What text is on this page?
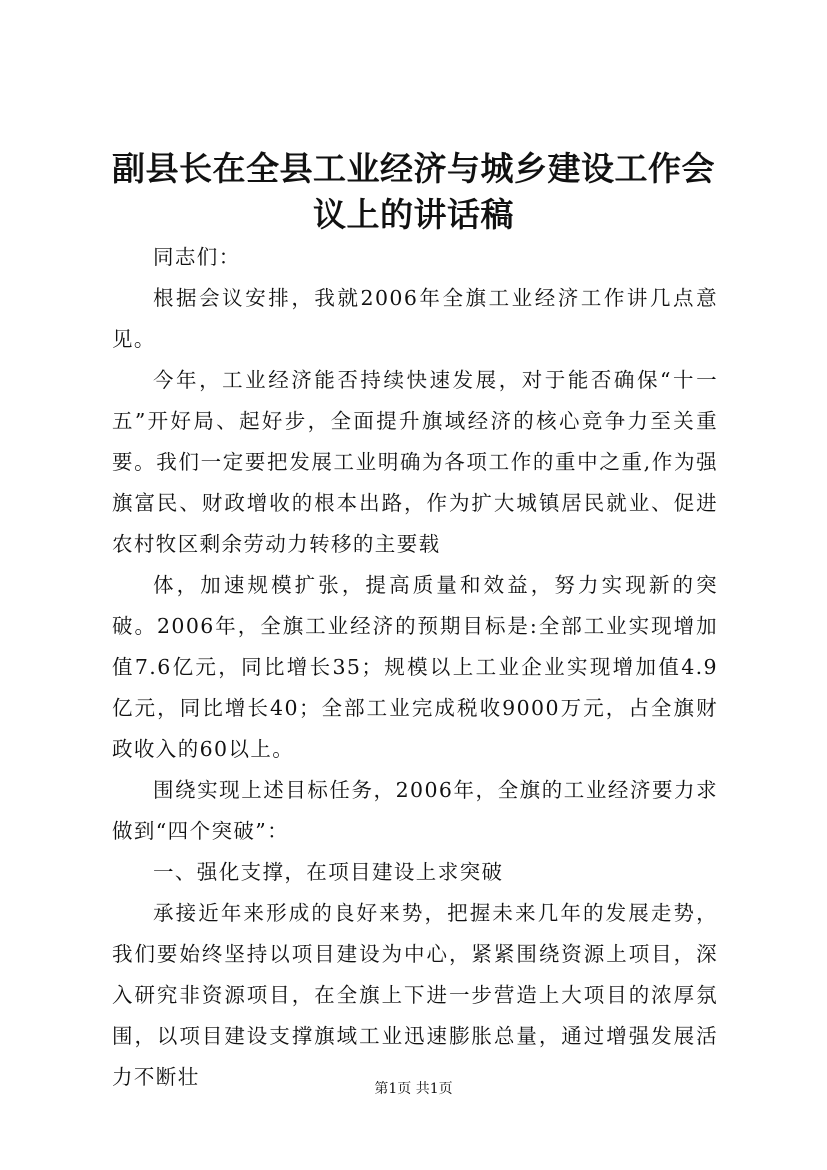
副县长在全县工业经济与城乡建设工作会议上的讲话稿

同志们：

根据会议安排，我就2006年全旗工业经济工作讲几点意见。

今年，工业经济能否持续快速发展，对于能否确保“十一五”开好局、起好步，全面提升旗域经济的核心竞争力至关重要。我们一定要把发展工业明确为各项工作的重中之重,作为强旗富民、财政增收的根本出路，作为扩大城镇居民就业、促进农村牧区剩余劳动力转移的主要载

体，加速规模扩张，提高质量和效益，努力实现新的突破。2006年，全旗工业经济的预期目标是:全部工业实现增加值7.6亿元，同比增长35；规模以上工业企业实现增加值4.9亿元，同比增长40；全部工业完成税收9000万元，占全旗财政收入的60以上。

围绕实现上述目标任务，2006年，全旗的工业经济要力求做到“四个突破”：

一、强化支撑，在项目建设上求突破

承接近年来形成的良好来势，把握未来几年的发展走势，我们要始终坚持以项目建设为中心，紧紧围绕资源上项目，深入研究非资源项目，在全旗上下进一步营造上大项目的浓厚氛围，以项目建设支撑旗域工业迅速膨胀总量，通过增强发展活力不断壮	第1页 共1页
